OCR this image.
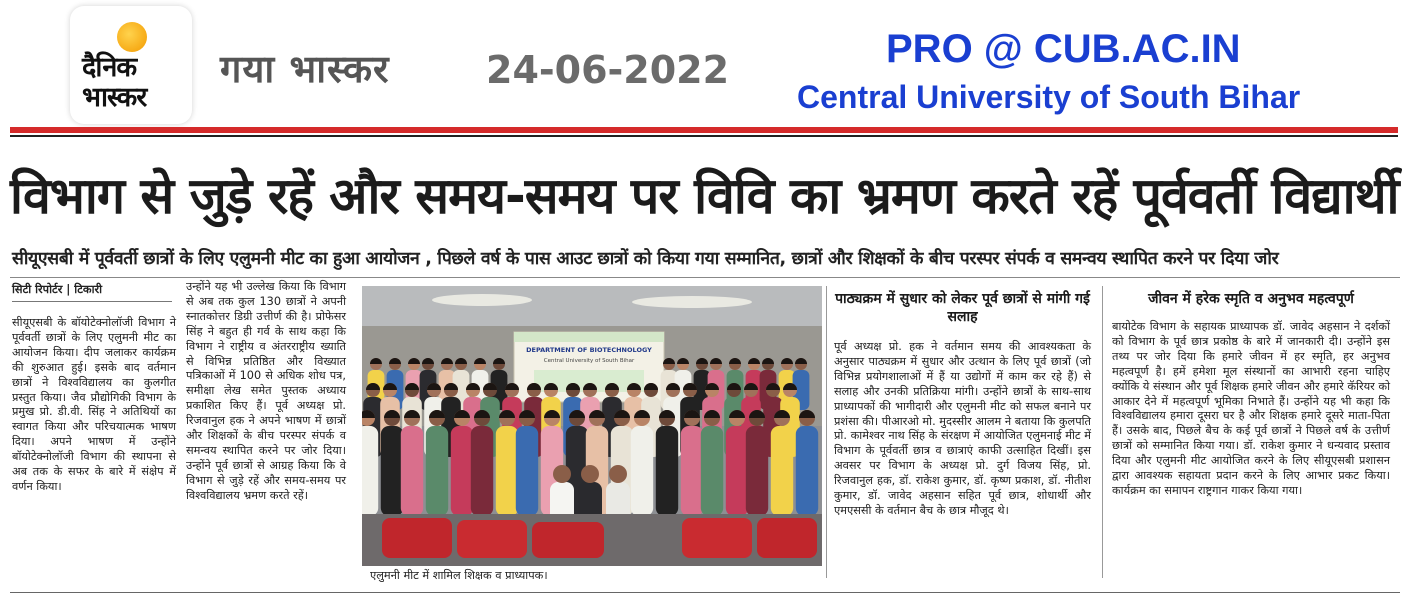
दैनिक
भास्कर
गया भास्कर	24-06-2022	PRO @ CUB.AC.IN
Central University of South Bihar
विभाग से जुड़े रहें और समय-समय पर विवि का भ्रमण करते रहें पूर्ववर्ती विद्यार्थी
सीयूएसबी में पूर्ववर्ती छात्रों के लिए एलुमनी मीट का हुआ आयोजन , पिछले वर्ष के पास आउट छात्रों को किया गया सम्मानित, छात्रों और शिक्षकों के बीच परस्पर संपर्क व समन्वय स्थापित करने पर दिया जोर
सिटी रिपोर्टर | टिकारी

सीयूएसबी के बॉयोटेक्नोलॉजी विभाग ने पूर्ववर्ती छात्रों के लिए एलुमनी मीट का आयोजन किया। दीप जलाकर कार्यक्रम की शुरुआत हुई। इसके बाद वर्तमान छात्रों ने विश्वविद्यालय का कुलगीत प्रस्तुत किया। जैव प्रौद्योगिकी विभाग के प्रमुख प्रो. डी.वी. सिंह ने अतिथियों का स्वागत किया और परिचयात्मक भाषण दिया। अपने भाषण में उन्होंने बॉयोटेक्नोलॉजी विभाग की स्थापना से अब तक के सफर के बारे में संक्षेप में वर्णन किया।

उन्होंने यह भी उल्लेख किया कि विभाग से अब तक कुल 130 छात्रों ने अपनी स्नातकोत्तर डिग्री उत्तीर्ण की है। प्रोफेसर सिंह ने बहुत ही गर्व के साथ कहा कि विभाग ने राष्ट्रीय व अंतरराष्ट्रीय ख्याति से विभिन्न प्रतिष्ठित और विख्यात पत्रिकाओं में 100 से अधिक शोध पत्र, समीक्षा लेख समेत पुस्तक अध्याय प्रकाशित किए हैं। पूर्व अध्यक्ष प्रो. रिजवानुल हक ने अपने भाषण में छात्रों और शिक्षकों के बीच परस्पर संपर्क व समन्वय स्थापित करने पर जोर दिया। उन्होंने पूर्व छात्रों से आग्रह किया कि वे विभाग से जुड़े रहें और समय-समय पर विश्वविद्यालय भ्रमण करते रहें।

DEPARTMENT OF BIOTECHNOLOGY
Central University of South Bihar
एलुमनी मीट में शामिल शिक्षक व प्राध्यापक।
पाठ्यक्रम में सुधार को लेकर पूर्व छात्रों से मांगी गई सलाह

पूर्व अध्यक्ष प्रो. हक ने वर्तमान समय की आवश्यकता के अनुसार पाठ्यक्रम में सुधार और उत्थान के लिए पूर्व छात्रों (जो विभिन्न प्रयोगशालाओं में हैं या उद्योगों में काम कर रहे हैं) से सलाह और उनकी प्रतिक्रिया मांगी। उन्होंने छात्रों के साथ-साथ प्राध्यापकों की भागीदारी और एलुमनी मीट को सफल बनाने पर प्रशंसा की। पीआरओ मो. मुदस्सीर आलम ने बताया कि कुलपति प्रो. कामेश्वर नाथ सिंह के संरक्षण में आयोजित एलुमनाई मीट में विभाग के पूर्ववर्ती छात्र व छात्राएं काफी उत्साहित दिखीं। इस अवसर पर विभाग के अध्यक्ष प्रो. दुर्ग विजय सिंह, प्रो. रिजवानुल हक, डॉ. राकेश कुमार, डॉ. कृष्ण प्रकाश, डॉ. नीतीश कुमार, डॉ. जावेद अहसान सहित पूर्व छात्र, शोधार्थी और एमएससी के वर्तमान बैच के छात्र मौजूद थे।

जीवन में हरेक स्मृति व अनुभव महत्वपूर्ण

बायोटेक विभाग के सहायक प्राध्यापक डॉ. जावेद अहसान ने दर्शकों को विभाग के पूर्व छात्र प्रकोष्ठ के बारे में जानकारी दी। उन्होंने इस तथ्य पर जोर दिया कि हमारे जीवन में हर स्मृति, हर अनुभव महत्वपूर्ण है। हमें हमेशा मूल संस्थानों का आभारी रहना चाहिए क्योंकि ये संस्थान और पूर्व शिक्षक हमारे जीवन और हमारे कॅरियर को आकार देने में महत्वपूर्ण भूमिका निभाते हैं। उन्होंने यह भी कहा कि विश्वविद्यालय हमारा दूसरा घर है और शिक्षक हमारे दूसरे माता-पिता हैं। उसके बाद, पिछले बैच के कई पूर्व छात्रों ने पिछले वर्ष के उत्तीर्ण छात्रों को सम्मानित किया गया। डॉ. राकेश कुमार ने धन्यवाद प्रस्ताव दिया और एलुमनी मीट आयोजित करने के लिए सीयूएसबी प्रशासन द्वारा आवश्यक सहायता प्रदान करने के लिए आभार प्रकट किया। कार्यक्रम का समापन राष्ट्रगान गाकर किया गया।
